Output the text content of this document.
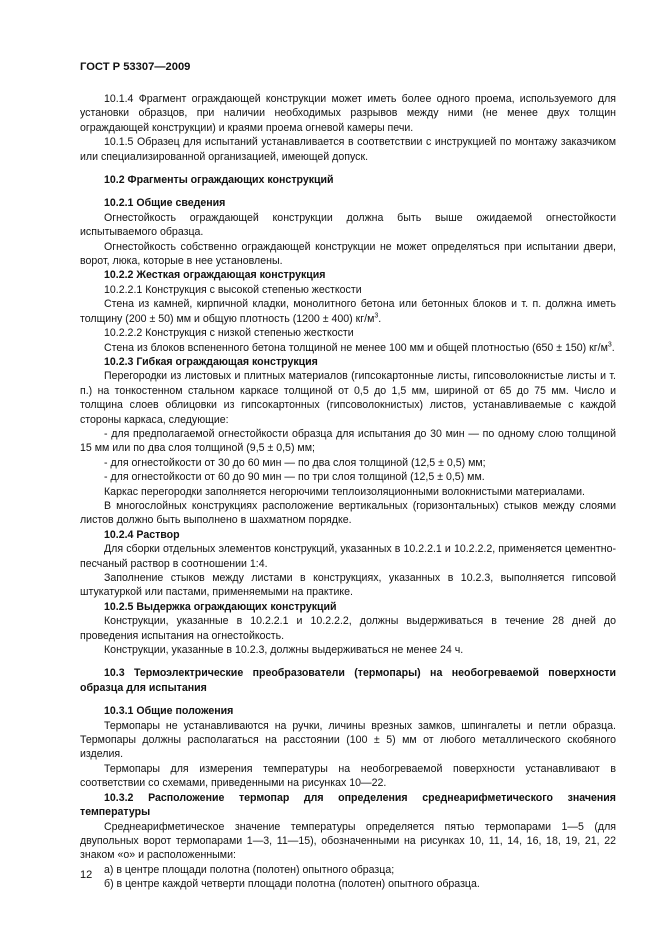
ГОСТ Р 53307—2009

10.1.4 Фрагмент ограждающей конструкции может иметь более одного проема, используемого для установки образцов, при наличии необходимых разрывов между ними (не менее двух толщин ограждающей конструкции) и краями проема огневой камеры печи.

10.1.5 Образец для испытаний устанавливается в соответствии с инструкцией по монтажу заказчиком или специализированной организацией, имеющей допуск.

10.2 Фрагменты ограждающих конструкций

10.2.1 Общие сведения

Огнестойкость ограждающей конструкции должна быть выше ожидаемой огнестойкости испытываемого образца.

Огнестойкость собственно ограждающей конструкции не может определяться при испытании двери, ворот, люка, которые в нее установлены.

10.2.2 Жесткая ограждающая конструкция

10.2.2.1 Конструкция с высокой степенью жесткости

Стена из камней, кирпичной кладки, монолитного бетона или бетонных блоков и т. п. должна иметь толщину (200 ± 50) мм и общую плотность (1200 ± 400) $кг/м^3$.

10.2.2.2 Конструкция с низкой степенью жесткости

Стена из блоков вспененного бетона толщиной не менее 100 мм и общей плотностью (650 ± 150) $кг/м^3$.

10.2.3 Гибкая ограждающая конструкция

Перегородки из листовых и плитных материалов (гипсокартонные листы, гипсоволокнистые листы и т. п.) на тонкостенном стальном каркасе толщиной от 0,5 до 1,5 мм, шириной от 65 до 75 мм. Число и толщина слоев облицовки из гипсокартонных (гипсоволокнистых) листов, устанавливаемые с каждой стороны каркаса, следующие:

- для предполагаемой огнестойкости образца для испытания до 30 мин — по одному слою толщиной 15 мм или по два слоя толщиной (9,5 ± 0,5) мм;

- для огнестойкости от 30 до 60 мин — по два слоя толщиной (12,5 ± 0,5) мм;

- для огнестойкости от 60 до 90 мин — по три слоя толщиной (12,5 ± 0,5) мм.

Каркас перегородки заполняется негорючими теплоизоляционными волокнистыми материалами.

В многослойных конструкциях расположение вертикальных (горизонтальных) стыков между слоями листов должно быть выполнено в шахматном порядке.

10.2.4 Раствор

Для сборки отдельных элементов конструкций, указанных в 10.2.2.1 и 10.2.2.2, применяется цементно-песчаный раствор в соотношении 1:4.

Заполнение стыков между листами в конструкциях, указанных в 10.2.3, выполняется гипсовой штукатуркой или пастами, применяемыми на практике.

10.2.5 Выдержка ограждающих конструкций

Конструкции, указанные в 10.2.2.1 и 10.2.2.2, должны выдерживаться в течение 28 дней до проведения испытания на огнестойкость.

Конструкции, указанные в 10.2.3, должны выдерживаться не менее 24 ч.

10.3 Термоэлектрические преобразователи (термопары) на необогреваемой поверхности образца для испытания

10.3.1 Общие положения

Термопары не устанавливаются на ручки, личины врезных замков, шпингалеты и петли образца. Термопары должны располагаться на расстоянии (100 ± 5) мм от любого металлического скобяного изделия.

Термопары для измерения температуры на необогреваемой поверхности устанавливают в соответствии со схемами, приведенными на рисунках 10—22.

10.3.2 Расположение термопар для определения среднеарифметического значения температуры

Среднеарифметическое значение температуры определяется пятью термопарами 1—5 (для двупольных ворот термопарами 1—3, 11—15), обозначенными на рисунках 10, 11, 14, 16, 18, 19, 21, 22 знаком «о» и расположенными:

а) в центре площади полотна (полотен) опытного образца;

б) в центре каждой четверти площади полотна (полотен) опытного образца.

12
